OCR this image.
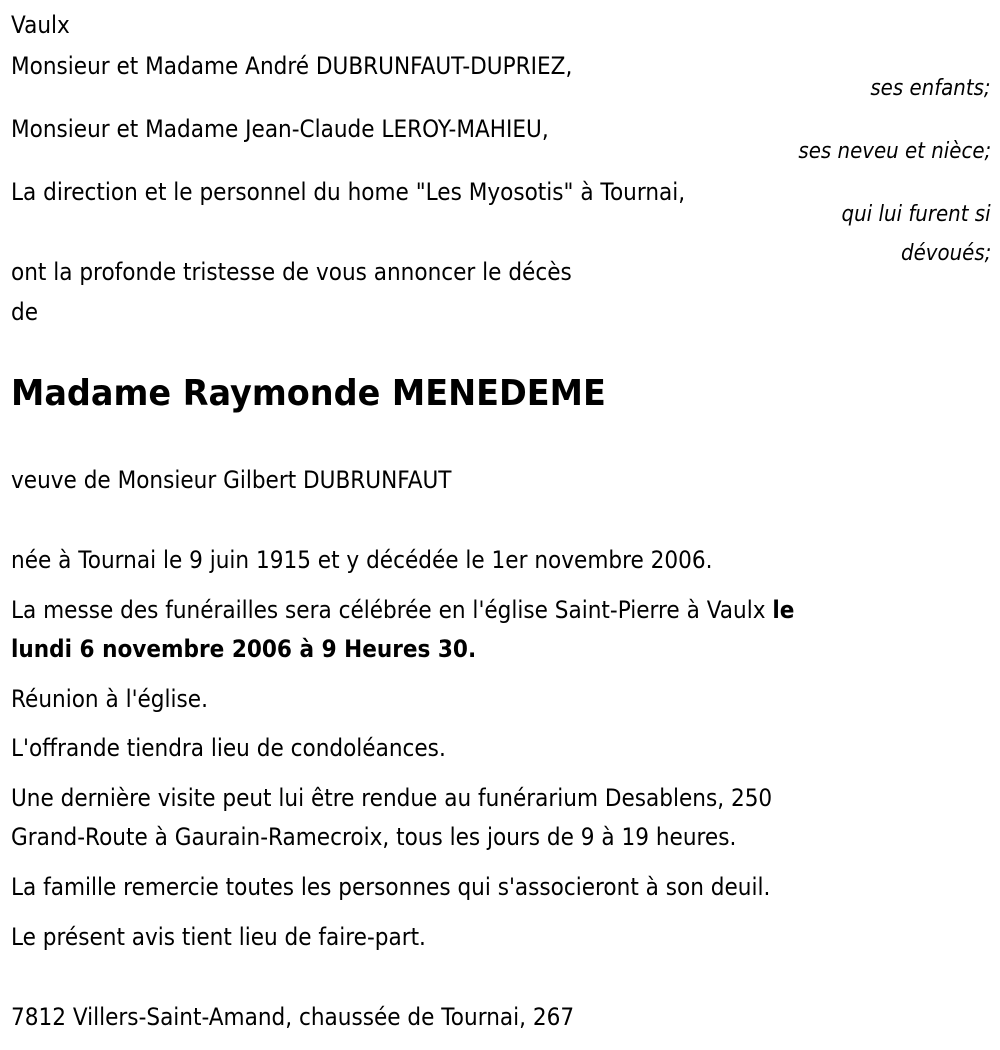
Vaulx
Monsieur et Madame André DUBRUNFAUT-DUPRIEZ,
ses enfants;
Monsieur et Madame Jean-Claude LEROY-MAHIEU,
ses neveu et nièce;
La direction et le personnel du home "Les Myosotis" à Tournai,
qui lui furent si
dévoués;
ont la profonde tristesse de vous annoncer le décès
de
Madame Raymonde MENEDEME
veuve de Monsieur Gilbert DUBRUNFAUT
née à Tournai le 9 juin 1915 et y décédée le 1er novembre 2006.
La messe des funérailles sera célébrée en l'église Saint-Pierre à Vaulx le
lundi 6 novembre 2006 à 9 Heures 30.
Réunion à l'église.
L'offrande tiendra lieu de condoléances.
Une dernière visite peut lui être rendue au funérarium Desablens, 250
Grand-Route à Gaurain-Ramecroix, tous les jours de 9 à 19 heures.
La famille remercie toutes les personnes qui s'associeront à son deuil.
Le présent avis tient lieu de faire-part.
7812 Villers-Saint-Amand, chaussée de Tournai, 267
